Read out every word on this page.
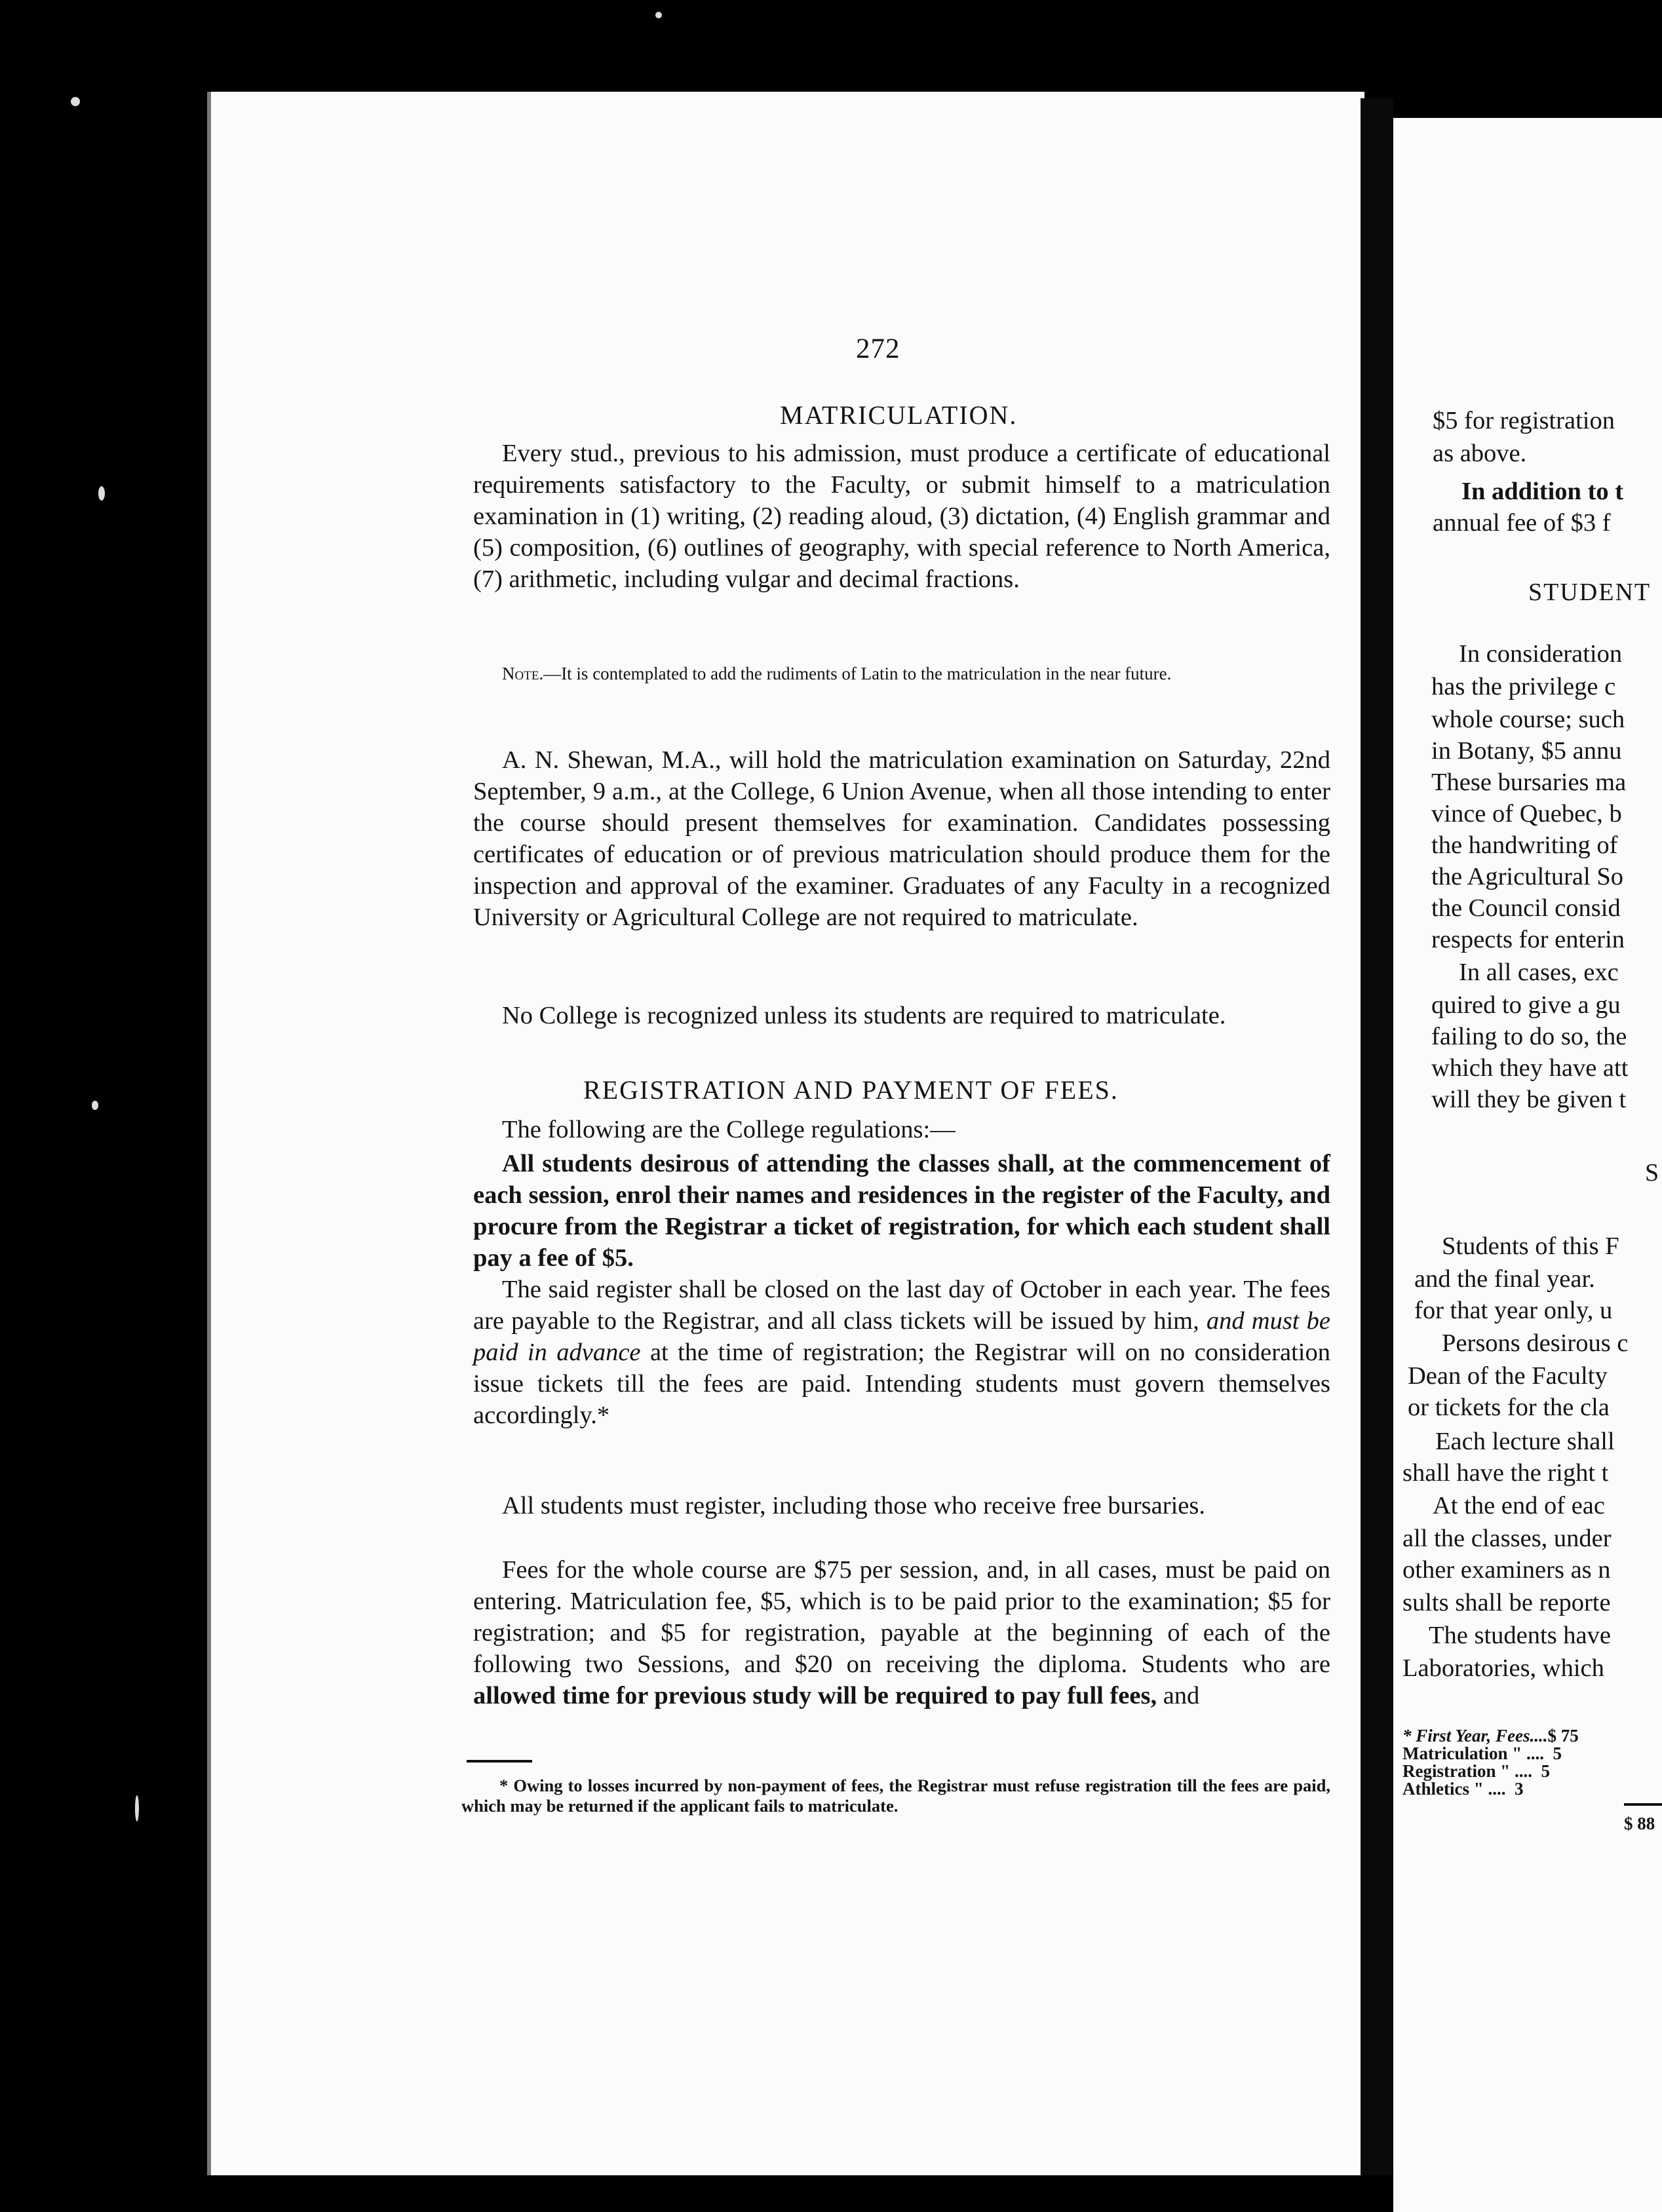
272
MATRICULATION.

Every stud., previous to his admission, must produce a certificate of educational requirements satisfactory to the Faculty, or submit himself to a matriculation examination in (1) writing, (2) reading aloud, (3) dictation, (4) English grammar and (5) composition, (6) outlines of geography, with special reference to North America, (7) arithmetic, including vulgar and decimal fractions.

Note.—It is contemplated to add the rudiments of Latin to the matriculation in the near future.

A. N. Shewan, M.A., will hold the matriculation examination on Saturday, 22nd September, 9 a.m., at the College, 6 Union Avenue, when all those intending to enter the course should present themselves for examination. Candidates possessing certificates of education or of previous matriculation should produce them for the inspection and approval of the examiner. Graduates of any Faculty in a recognized University or Agricultural College are not required to matriculate.

No College is recognized unless its students are required to matriculate.

REGISTRATION AND PAYMENT OF FEES.

The following are the College regulations:—

All students desirous of attending the classes shall, at the commencement of each session, enrol their names and residences in the register of the Faculty, and procure from the Registrar a ticket of registration, for which each student shall pay a fee of $5.

The said register shall be closed on the last day of October in each year. The fees are payable to the Registrar, and all class tickets will be issued by him, and must be paid in advance at the time of registration; the Registrar will on no consideration issue tickets till the fees are paid. Intending students must govern themselves accordingly.*

All students must register, including those who receive free bursaries.

Fees for the whole course are $75 per session, and, in all cases, must be paid on entering. Matriculation fee, $5, which is to be paid prior to the examination; $5 for registration; and $5 for registration, payable at the beginning of each of the following two Sessions, and $20 on receiving the diploma. Students who are allowed time for previous study will be required to pay full fees, and

* Owing to losses incurred by non-payment of fees, the Registrar must refuse registration till the fees are paid, which may be returned if the applicant fails to matriculate.

$5 for registration
as above.
In addition to t
annual fee of $3 f
STUDENT
In consideration
has the privilege c
whole course; such
in Botany, $5 annu
These bursaries ma
vince of Quebec, b
the handwriting of
the Agricultural So
the Council consid
respects for enterin
In all cases, exc
quired to give a gu
failing to do so, the
which they have att
will they be given t
S
Students of this F
and the final year.
for that year only, u
Persons desirous c
Dean of the Faculty
or tickets for the cla
Each lecture shall
shall have the right t
At the end of eac
all the classes, under
other examiners as n
sults shall be reporte
The students have
Laboratories, which
* First Year, Fees....$ 75
Matriculation " .... 5
Registration " .... 5
Athletics " .... 3
$ 88
